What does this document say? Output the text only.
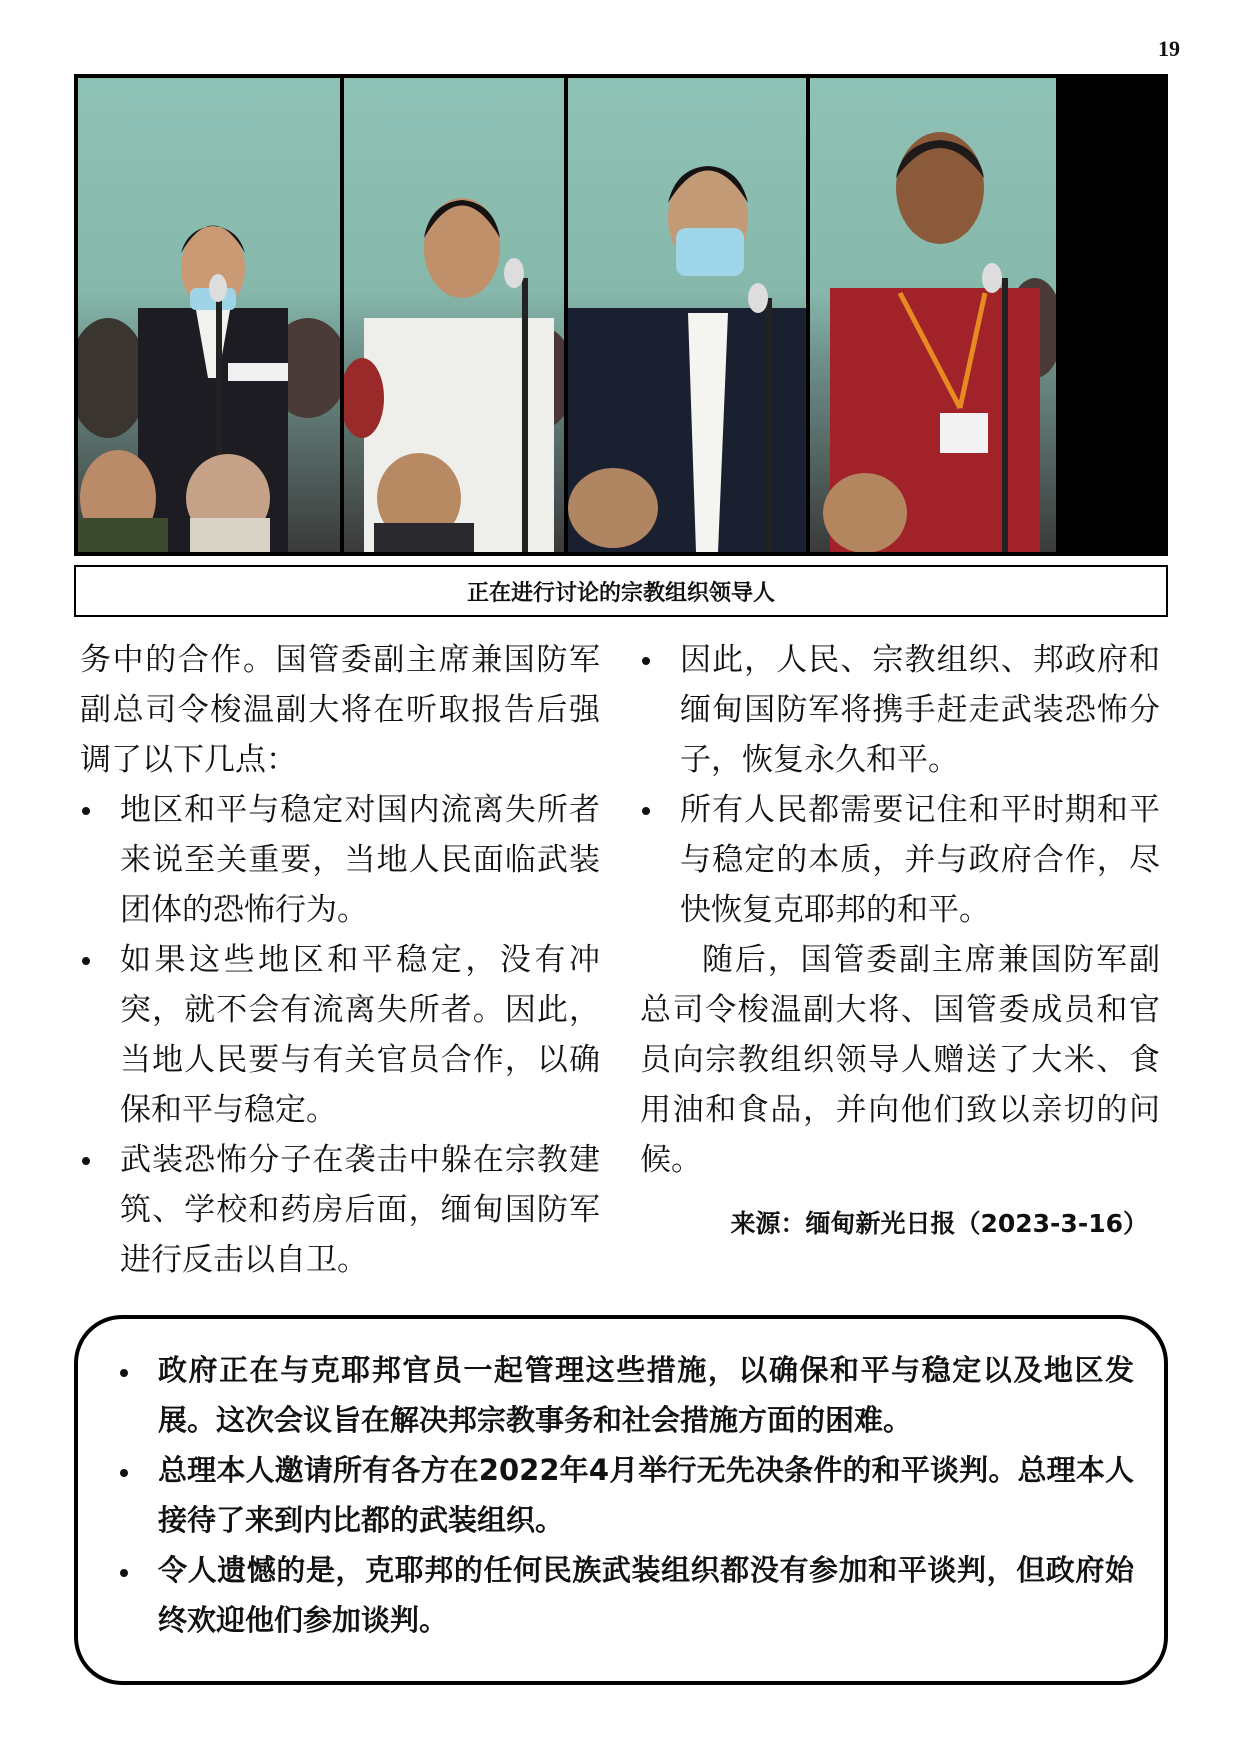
19
正在进行讨论的宗教组织领导人

务中的合作。国管委副主席兼国防军副总司令梭温副大将在听取报告后强调了以下几点：

地区和平与稳定对国内流离失所者来说至关重要，当地人民面临武装团体的恐怖行为。
如果这些地区和平稳定，没有冲突，就不会有流离失所者。因此，当地人民要与有关官员合作，以确保和平与稳定。
武装恐怖分子在袭击中躲在宗教建筑、学校和药房后面，缅甸国防军进行反击以自卫。
因此，人民、宗教组织、邦政府和缅甸国防军将携手赶走武装恐怖分子，恢复永久和平。
所有人民都需要记住和平时期和平与稳定的本质，并与政府合作，尽快恢复克耶邦的和平。

随后，国管委副主席兼国防军副总司令梭温副大将、国管委成员和官员向宗教组织领导人赠送了大米、食用油和食品，并向他们致以亲切的问候。

来源：缅甸新光日报（2023-3-16）
政府正在与克耶邦官员一起管理这些措施，以确保和平与稳定以及地区发展。这次会议旨在解决邦宗教事务和社会措施方面的困难。
总理本人邀请所有各方在2022年4月举行无先决条件的和平谈判。总理本人接待了来到内比都的武装组织。
令人遗憾的是，克耶邦的任何民族武装组织都没有参加和平谈判，但政府始终欢迎他们参加谈判。
